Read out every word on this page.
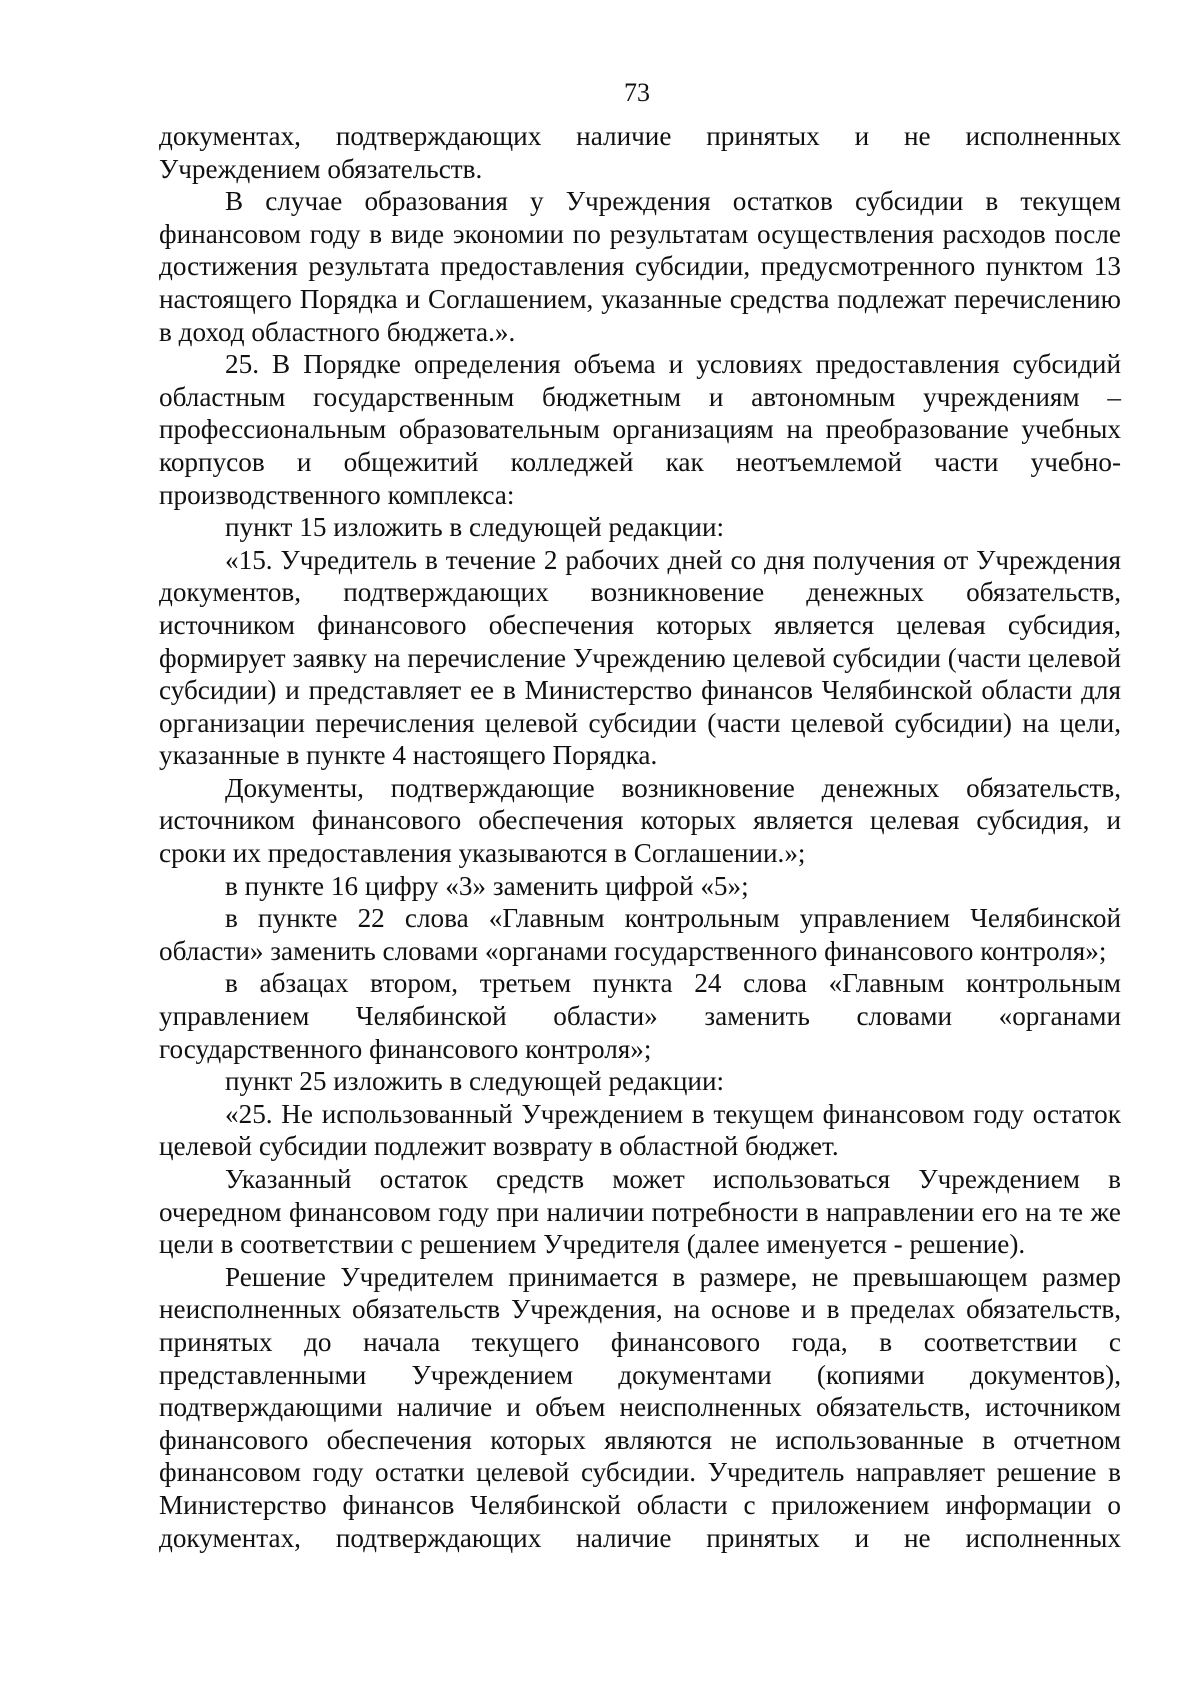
73

документах, подтверждающих наличие принятых и не исполненных Учреждением обязательств.

В случае образования у Учреждения остатков субсидии в текущем финансовом году в виде экономии по результатам осуществления расходов после достижения результата предоставления субсидии, предусмотренного пунктом 13 настоящего Порядка и Соглашением, указанные средства подлежат перечислению в доход областного бюджета.».

25. В Порядке определения объема и условиях предоставления субсидий областным государственным бюджетным и автономным учреждениям – профессиональным образовательным организациям на преобразование учебных корпусов и общежитий колледжей как неотъемлемой части учебно-производственного комплекса:

пункт 15 изложить в следующей редакции:

«15. Учредитель в течение 2 рабочих дней со дня получения от Учреждения документов, подтверждающих возникновение денежных обязательств, источником финансового обеспечения которых является целевая субсидия, формирует заявку на перечисление Учреждению целевой субсидии (части целевой субсидии) и представляет ее в Министерство финансов Челябинской области для организации перечисления целевой субсидии (части целевой субсидии) на цели, указанные в пункте 4 настоящего Порядка.

Документы, подтверждающие возникновение денежных обязательств, источником финансового обеспечения которых является целевая субсидия, и сроки их предоставления указываются в Соглашении.»;

в пункте 16 цифру «3» заменить цифрой «5»;

в пункте 22 слова «Главным контрольным управлением Челябинской области» заменить словами «органами государственного финансового контроля»;

в абзацах втором, третьем пункта 24 слова «Главным контрольным управлением Челябинской области» заменить словами «органами государственного финансового контроля»;

пункт 25 изложить в следующей редакции:

«25. Не использованный Учреждением в текущем финансовом году остаток целевой субсидии подлежит возврату в областной бюджет.

Указанный остаток средств может использоваться Учреждением в очередном финансовом году при наличии потребности в направлении его на те же цели в соответствии с решением Учредителя (далее именуется - решение).

Решение Учредителем принимается в размере, не превышающем размер неисполненных обязательств Учреждения, на основе и в пределах обязательств, принятых до начала текущего финансового года, в соответствии с представленными Учреждением документами (копиями документов), подтверждающими наличие и объем неисполненных обязательств, источником финансового обеспечения которых являются не использованные в отчетном финансовом году остатки целевой субсидии. Учредитель направляет решение в Министерство финансов Челябинской области с приложением информации о документах, подтверждающих наличие принятых и не исполненных
